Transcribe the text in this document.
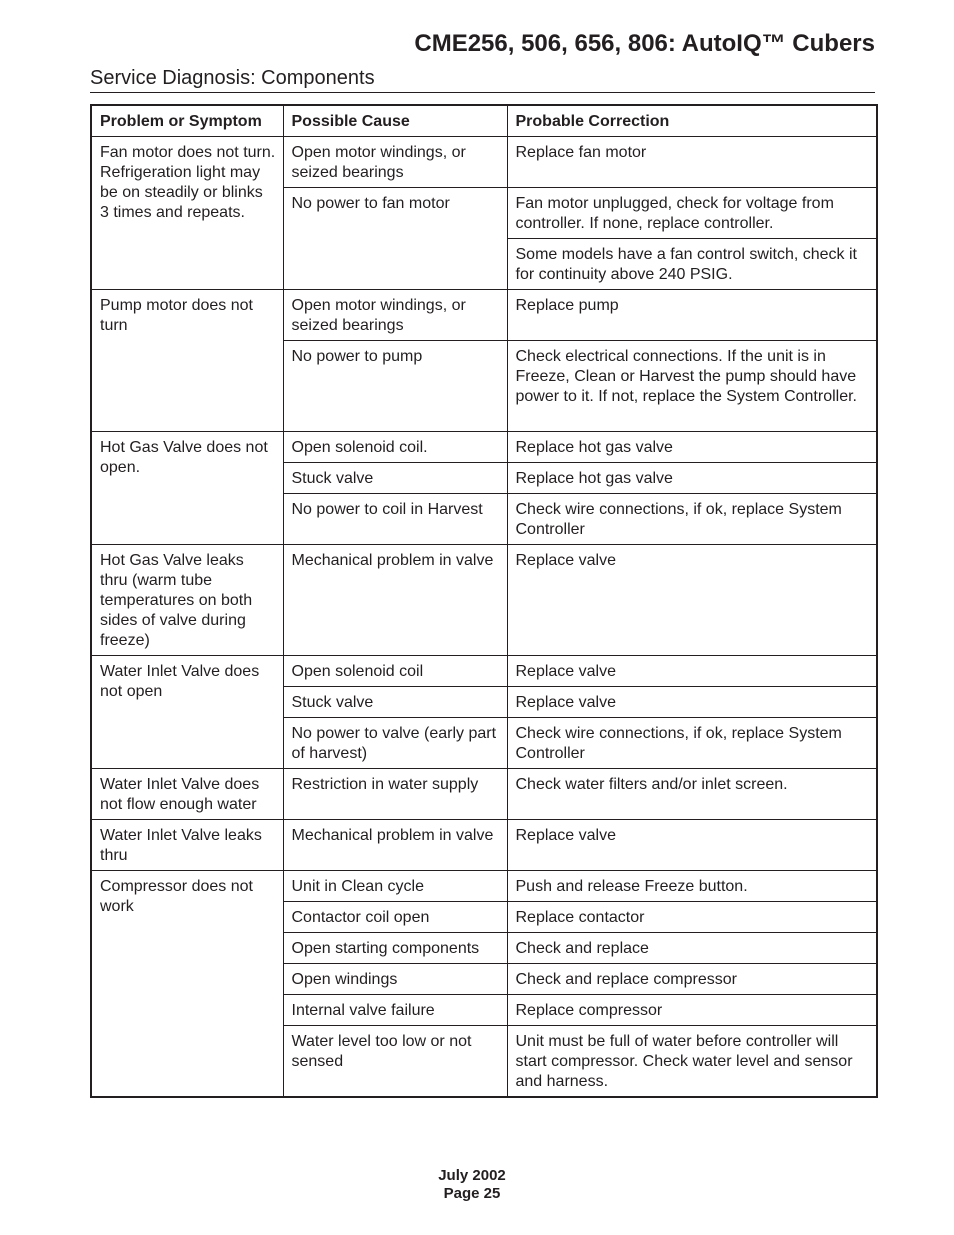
CME256, 506, 656, 806: AutoIQ™ Cubers
Service Diagnosis: Components
Problem or Symptom	Possible Cause	Probable Correction
Fan motor does not turn. Refrigeration light may be on steadily or blinks 3 times and repeats.	Open motor windings, or seized bearings	Replace fan motor
	No power to fan motor	Fan motor unplugged, check for voltage from controller. If none, replace controller.
		Some models have a fan control switch, check it for continuity above 240 PSIG.
Pump motor does not turn	Open motor windings, or seized bearings	Replace pump
	No power to pump	Check electrical connections. If the unit is in Freeze, Clean or Harvest the pump should have power to it. If not, replace the System Controller.
Hot Gas Valve does not open.	Open solenoid coil.	Replace hot gas valve
	Stuck valve	Replace hot gas valve
	No power to coil in Harvest	Check wire connections, if ok, replace System Controller
Hot Gas Valve leaks thru (warm tube temperatures on both sides of valve during freeze)	Mechanical problem in valve	Replace valve
Water Inlet Valve does not open	Open solenoid coil	Replace valve
	Stuck valve	Replace valve
	No power to valve (early part of harvest)	Check wire connections, if ok, replace System Controller
Water Inlet Valve does not flow enough water	Restriction in water supply	Check water filters and/or inlet screen.
Water Inlet Valve leaks thru	Mechanical problem in valve	Replace valve
Compressor does not work	Unit in Clean cycle	Push and release Freeze button.
	Contactor coil open	Replace contactor
	Open starting components	Check and replace
	Open windings	Check and replace compressor
	Internal valve failure	Replace compressor
	Water level too low or not sensed	Unit must be full of water before controller will start compressor. Check water level and sensor and harness.
July 2002
Page 25
